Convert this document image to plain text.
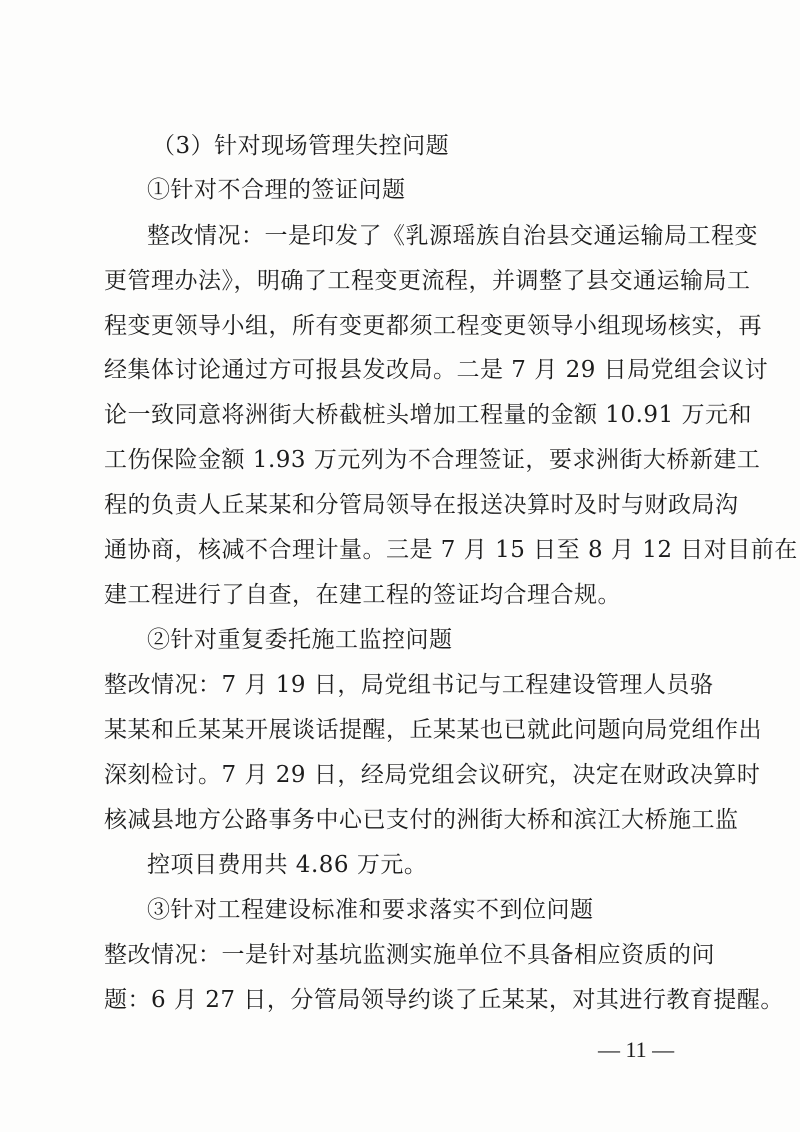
（3）针对现场管理失控问题
①针对不合理的签证问题
整改情况：一是印发了《乳源瑶族自治县交通运输局工程变
更管理办法》，明确了工程变更流程，并调整了县交通运输局工
程变更领导小组，所有变更都须工程变更领导小组现场核实，再
经集体讨论通过方可报县发改局。二是 7 月 29 日局党组会议讨
论一致同意将洲街大桥截桩头增加工程量的金额 10.91 万元和
工伤保险金额 1.93 万元列为不合理签证，要求洲街大桥新建工
程的负责人丘某某和分管局领导在报送决算时及时与财政局沟
通协商，核减不合理计量。三是 7 月 15 日至 8 月 12 日对目前在
建工程进行了自查，在建工程的签证均合理合规。
②针对重复委托施工监控问题
整改情况：7 月 19 日，局党组书记与工程建设管理人员骆
某某和丘某某开展谈话提醒，丘某某也已就此问题向局党组作出
深刻检讨。7 月 29 日，经局党组会议研究，决定在财政决算时
核减县地方公路事务中心已支付的洲街大桥和滨江大桥施工监
控项目费用共 4.86 万元。
③针对工程建设标准和要求落实不到位问题
整改情况：一是针对基坑监测实施单位不具备相应资质的问
题：6 月 27 日，分管局领导约谈了丘某某，对其进行教育提醒。
— 11 —
